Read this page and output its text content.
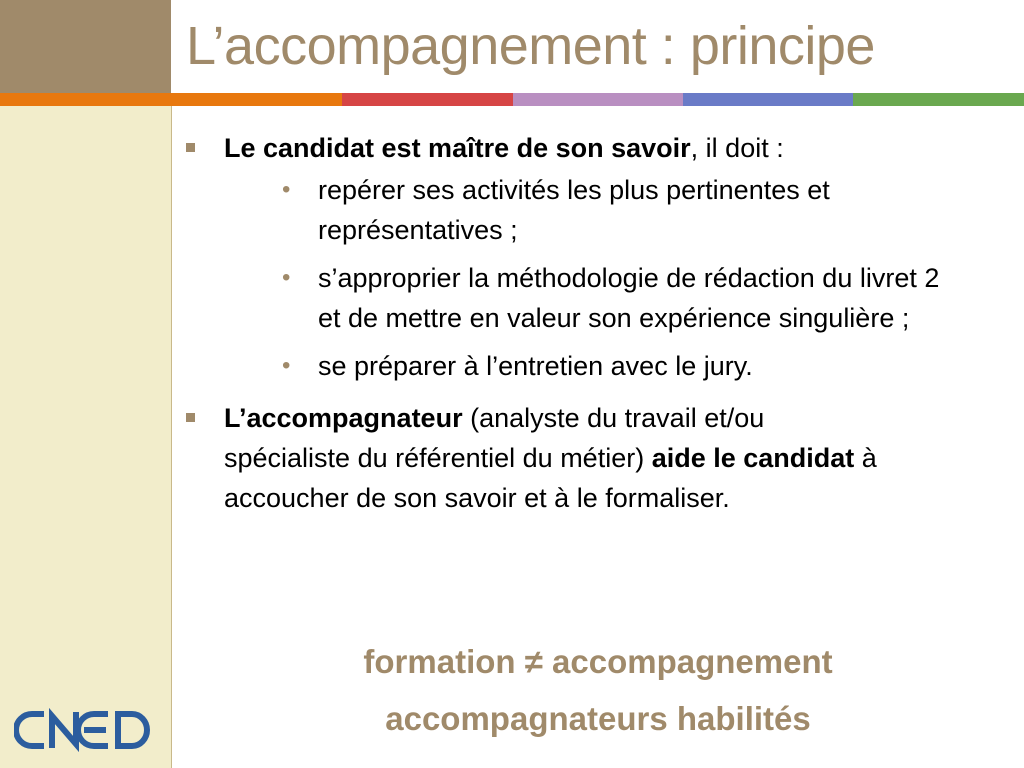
L’accompagnement : principe
Le candidat est maître de son savoir, il doit :
• repérer ses activités les plus pertinentes et représentatives ;
• s’approprier la méthodologie de rédaction du livret 2 et de mettre en valeur son expérience singulière ;
• se préparer à l’entretien avec le jury.
L’accompagnateur (analyste du travail et/ou spécialiste du référentiel du métier) aide le candidat à accoucher de son savoir et à le formaliser.
formation ≠ accompagnement
accompagnateurs habilités
CNED
